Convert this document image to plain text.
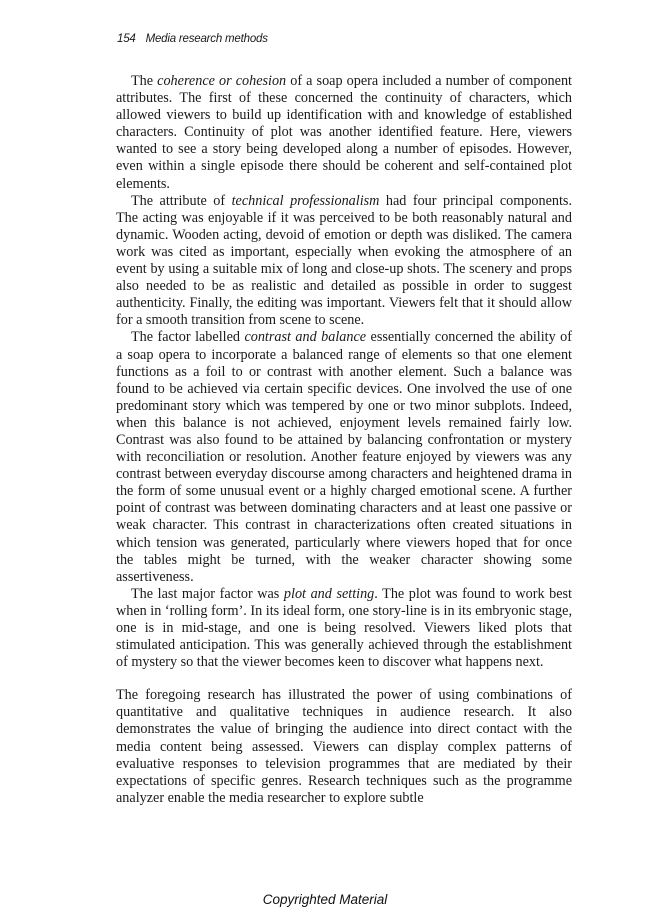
154 Media research methods

The coherence or cohesion of a soap opera included a number of component attributes. The first of these concerned the continuity of characters, which allowed viewers to build up identification with and knowledge of established characters. Continuity of plot was another identified feature. Here, viewers wanted to see a story being developed along a number of episodes. However, even within a single episode there should be coherent and self-contained plot elements.

The attribute of technical professionalism had four principal components. The acting was enjoyable if it was perceived to be both reasonably natural and dynamic. Wooden acting, devoid of emotion or depth was disliked. The camera work was cited as important, especially when evoking the atmosphere of an event by using a suitable mix of long and close-up shots. The scenery and props also needed to be as realistic and detailed as possible in order to suggest authenticity. Finally, the editing was important. Viewers felt that it should allow for a smooth transition from scene to scene.

The factor labelled contrast and balance essentially concerned the ability of a soap opera to incorporate a balanced range of elements so that one element functions as a foil to or contrast with another element. Such a balance was found to be achieved via certain specific devices. One involved the use of one predominant story which was tempered by one or two minor subplots. Indeed, when this balance is not achieved, enjoyment levels remained fairly low. Contrast was also found to be attained by balancing confrontation or mystery with reconciliation or resolution. Another feature enjoyed by viewers was any contrast between everyday discourse among characters and heightened drama in the form of some unusual event or a highly charged emotional scene. A further point of contrast was between dominating characters and at least one passive or weak character. This contrast in characterizations often created situations in which tension was generated, particularly where viewers hoped that for once the tables might be turned, with the weaker character showing some assertiveness.

The last major factor was plot and setting. The plot was found to work best when in ‘rolling form’. In its ideal form, one story-line is in its embryonic stage, one is in mid-stage, and one is being resolved. Viewers liked plots that stimulated anticipation. This was generally achieved through the establishment of mystery so that the viewer becomes keen to discover what happens next.

The foregoing research has illustrated the power of using combinations of quantitative and qualitative techniques in audience research. It also demonstrates the value of bringing the audience into direct contact with the media content being assessed. Viewers can display complex patterns of evaluative responses to television programmes that are mediated by their expectations of specific genres. Research techniques such as the programme analyzer enable the media researcher to explore subtle

Copyrighted Material
